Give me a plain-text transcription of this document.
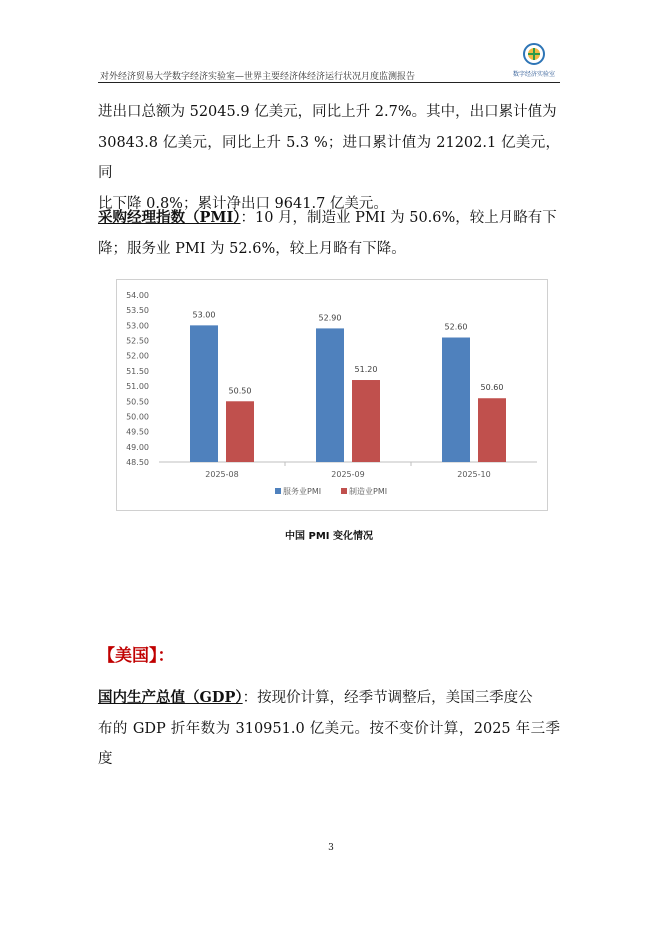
对外经济贸易大学数字经济实验室—世界主要经济体经济运行状况月度监测报告	数字经济实验室

进出口总额为 52045.9 亿美元，同比上升 2.7%。其中，出口累计值为

30843.8 亿美元，同比上升 5.3 %；进口累计值为 21202.1 亿美元，同

比下降 0.8%；累计净出口 9641.7 亿美元。

采购经理指数（PMI）：10 月，制造业 PMI 为 50.6%，较上月略有下

降；服务业 PMI 为 52.6%，较上月略有下降。

54.00
53.50
53.00
52.50
52.00
51.50
51.00
50.50
50.00
49.50
49.00
48.50
2025-08
53.00
50.50
2025-09
52.90
51.20
2025-10
52.60
50.60
服务业PMI	制造业PMI
中国 PMI 变化情况
【美国】：

国内生产总值（GDP）：按现价计算，经季节调整后，美国三季度公

布的 GDP 折年数为 310951.0 亿美元。按不变价计算，2025 年三季度

3
